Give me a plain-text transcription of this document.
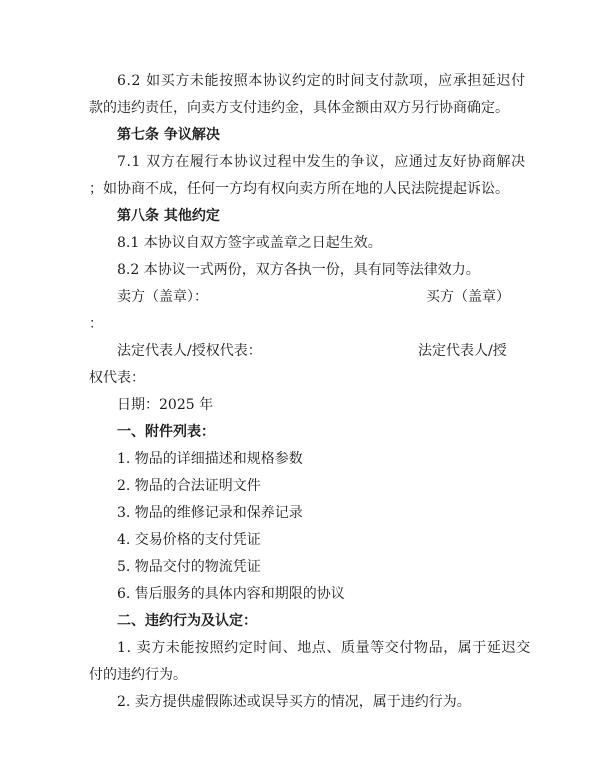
6.2 如买方未能按照本协议约定的时间支付款项，应承担延迟付
款的违约责任，向卖方支付违约金，具体金额由双方另行协商确定。
第七条 争议解决
7.1 双方在履行本协议过程中发生的争议，应通过友好协商解决
；如协商不成，任何一方均有权向卖方所在地的人民法院提起诉讼。
第八条 其他约定
8.1 本协议自双方签字或盖章之日起生效。
8.2 本协议一式两份，双方各执一份，具有同等法律效力。
卖方（盖章）：	买方（盖章）
：
法定代表人/授权代表：	法定代表人/授
权代表：
日期：2025 年
一、附件列表：
1. 物品的详细描述和规格参数
2. 物品的合法证明文件
3. 物品的维修记录和保养记录
4. 交易价格的支付凭证
5. 物品交付的物流凭证
6. 售后服务的具体内容和期限的协议
二、违约行为及认定：
1. 卖方未能按照约定时间、地点、质量等交付物品，属于延迟交
付的违约行为。
2. 卖方提供虚假陈述或误导买方的情况，属于违约行为。
